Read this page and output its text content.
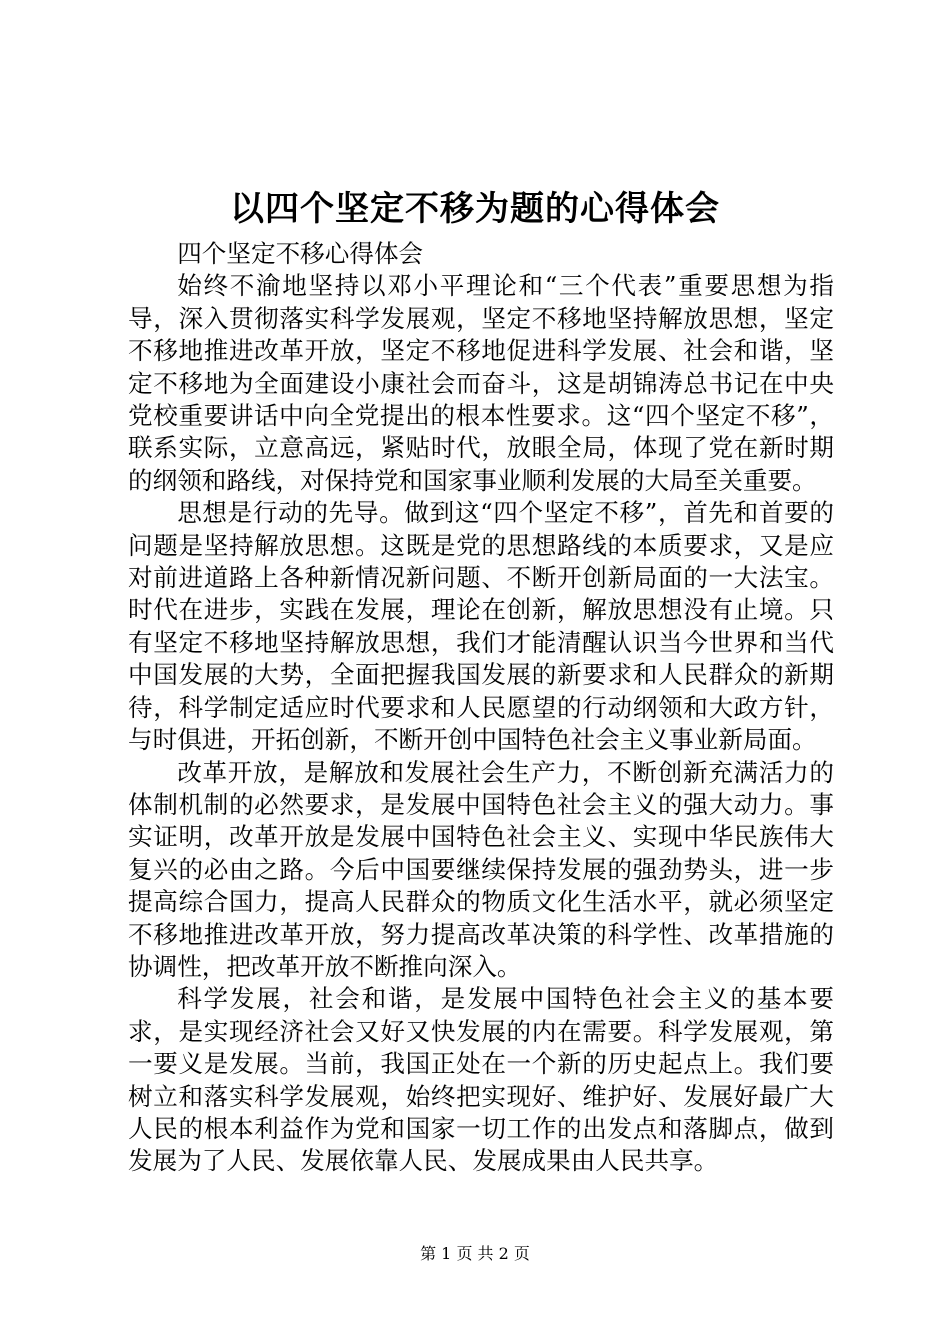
以四个坚定不移为题的心得体会

四个坚定不移心得体会

始终不渝地坚持以邓小平理论和“三个代表”重要思想为指导，深入贯彻落实科学发展观，坚定不移地坚持解放思想，坚定不移地推进改革开放，坚定不移地促进科学发展、社会和谐，坚定不移地为全面建设小康社会而奋斗，这是胡锦涛总书记在中央党校重要讲话中向全党提出的根本性要求。这“四个坚定不移”，联系实际，立意高远，紧贴时代，放眼全局，体现了党在新时期的纲领和路线，对保持党和国家事业顺利发展的大局至关重要。

思想是行动的先导。做到这“四个坚定不移”，首先和首要的问题是坚持解放思想。这既是党的思想路线的本质要求，又是应对前进道路上各种新情况新问题、不断开创新局面的一大法宝。时代在进步，实践在发展，理论在创新，解放思想没有止境。只有坚定不移地坚持解放思想，我们才能清醒认识当今世界和当代中国发展的大势，全面把握我国发展的新要求和人民群众的新期待，科学制定适应时代要求和人民愿望的行动纲领和大政方针，与时俱进，开拓创新，不断开创中国特色社会主义事业新局面。

改革开放，是解放和发展社会生产力，不断创新充满活力的体制机制的必然要求，是发展中国特色社会主义的强大动力。事实证明，改革开放是发展中国特色社会主义、实现中华民族伟大复兴的必由之路。今后中国要继续保持发展的强劲势头，进一步提高综合国力，提高人民群众的物质文化生活水平，就必须坚定不移地推进改革开放，努力提高改革决策的科学性、改革措施的协调性，把改革开放不断推向深入。

科学发展，社会和谐，是发展中国特色社会主义的基本要求，是实现经济社会又好又快发展的内在需要。科学发展观，第一要义是发展。当前，我国正处在一个新的历史起点上。我们要树立和落实科学发展观，始终把实现好、维护好、发展好最广大人民的根本利益作为党和国家一切工作的出发点和落脚点，做到发展为了人民、发展依靠人民、发展成果由人民共享。

第 1 页 共 2 页
